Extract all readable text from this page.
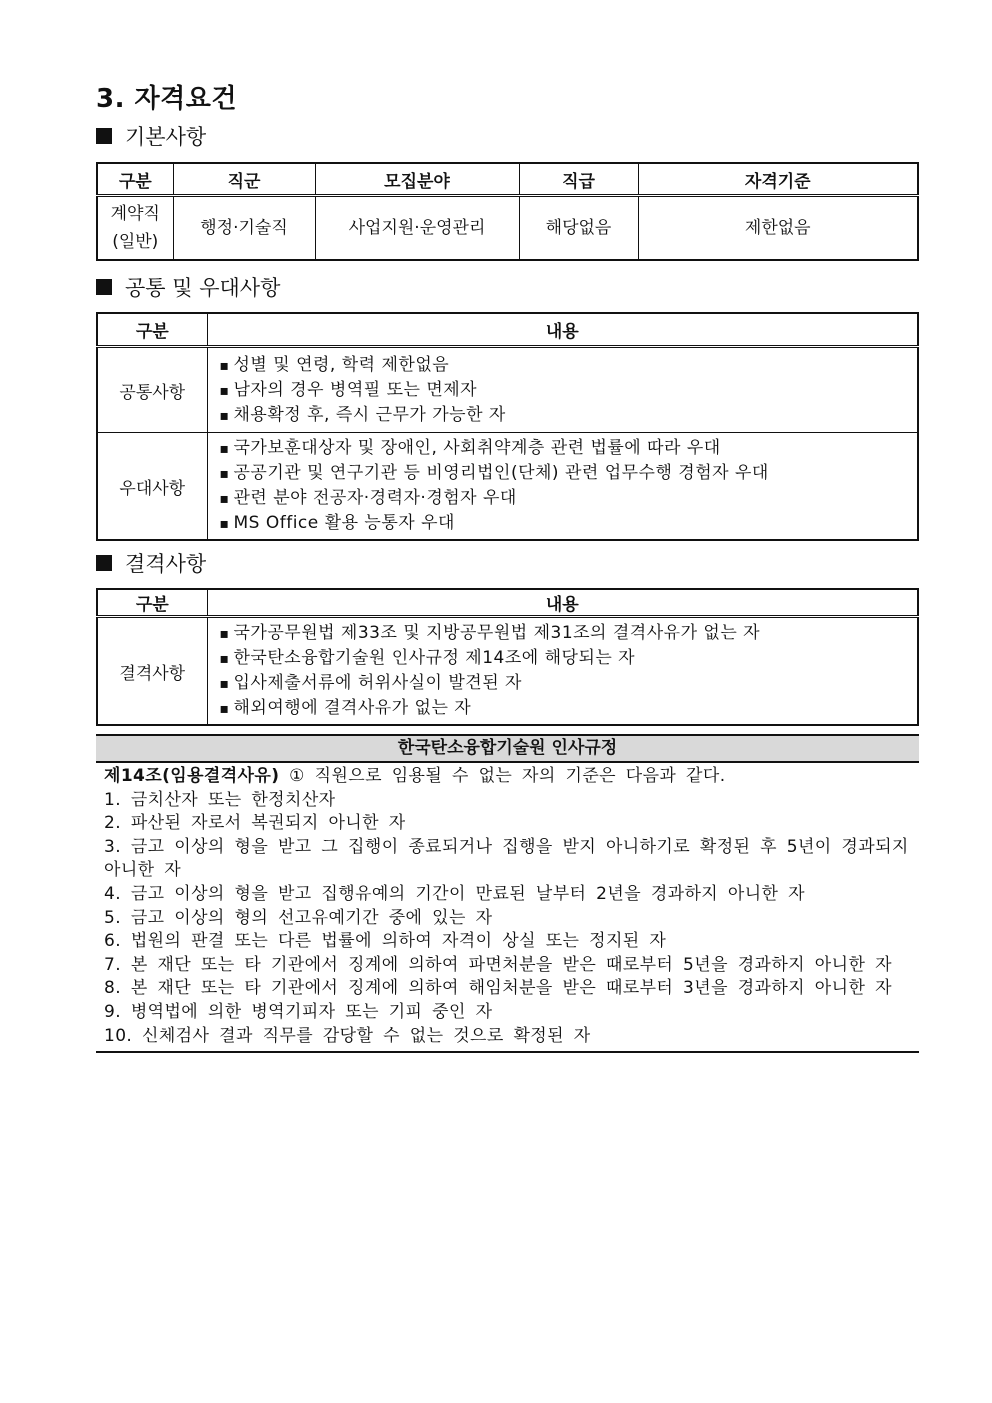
3. 자격요건
기본사항
구분	직군	모집분야	직급	자격기준

계약직
(일반)	행정·기술직	사업지원·운영관리	해당없음	제한없음
공통 및 우대사항
구분	내용
공통사항	▪ 성별 및 연령, 학력 제한없음
▪ 남자의 경우 병역필 또는 면제자
▪ 채용확정 후, 즉시 근무가 가능한 자

우대사항	▪ 국가보훈대상자 및 장애인, 사회취약계층 관련 법률에 따라 우대
▪ 공공기관 및 연구기관 등 비영리법인(단체) 관련 업무수행 경험자 우대
▪ 관련 분야 전공자·경력자·경험자 우대
▪ MS Office 활용 능통자 우대
결격사항
구분	내용
결격사항	▪ 국가공무원법 제33조 및 지방공무원법 제31조의 결격사유가 없는 자
▪ 한국탄소융합기술원 인사규정 제14조에 해당되는 자
▪ 입사제출서류에 허위사실이 발견된 자
▪ 해외여행에 결격사유가 없는 자
한국탄소융합기술원 인사규정
제14조(임용결격사유) ① 직원으로 임용될 수 없는 자의 기준은 다음과 같다.
1. 금치산자 또는 한정치산자
2. 파산된 자로서 복권되지 아니한 자
3. 금고 이상의 형을 받고 그 집행이 종료되거나 집행을 받지 아니하기로 확정된 후 5년이 경과되지 아니한 자
4. 금고 이상의 형을 받고 집행유예의 기간이 만료된 날부터 2년을 경과하지 아니한 자
5. 금고 이상의 형의 선고유예기간 중에 있는 자
6. 법원의 판결 또는 다른 법률에 의하여 자격이 상실 또는 정지된 자
7. 본 재단 또는 타 기관에서 징계에 의하여 파면처분을 받은 때로부터 5년을 경과하지 아니한 자
8. 본 재단 또는 타 기관에서 징계에 의하여 해임처분을 받은 때로부터 3년을 경과하지 아니한 자
9. 병역법에 의한 병역기피자 또는 기피 중인 자
10. 신체검사 결과 직무를 감당할 수 없는 것으로 확정된 자
